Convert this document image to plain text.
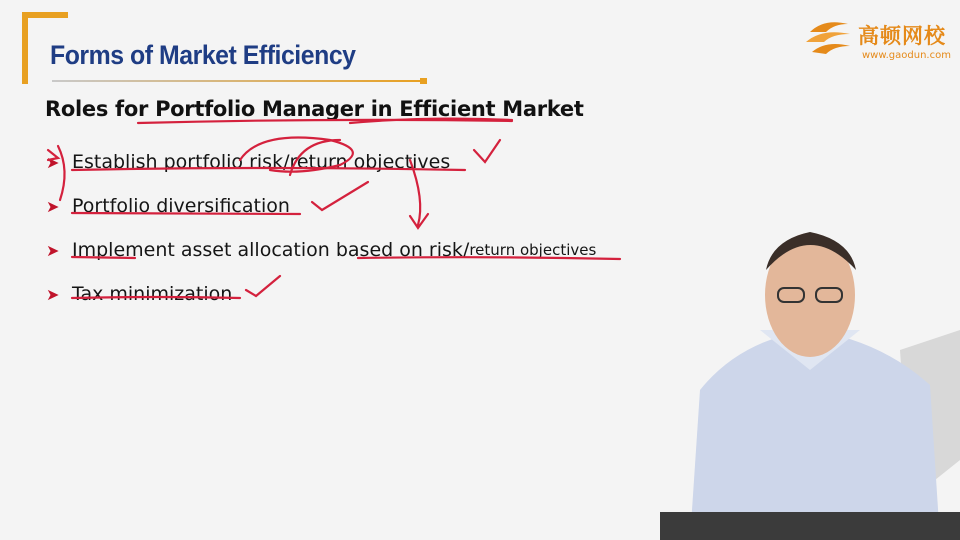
Forms of Market Efficiency
高顿网校
www.gaodun.com
Roles for Portfolio Manager in Efficient Market
➤ Establish portfolio risk/return objectives
➤ Portfolio diversification
➤ Implement asset allocation based on risk/ return objectives
➤ Tax minimization
